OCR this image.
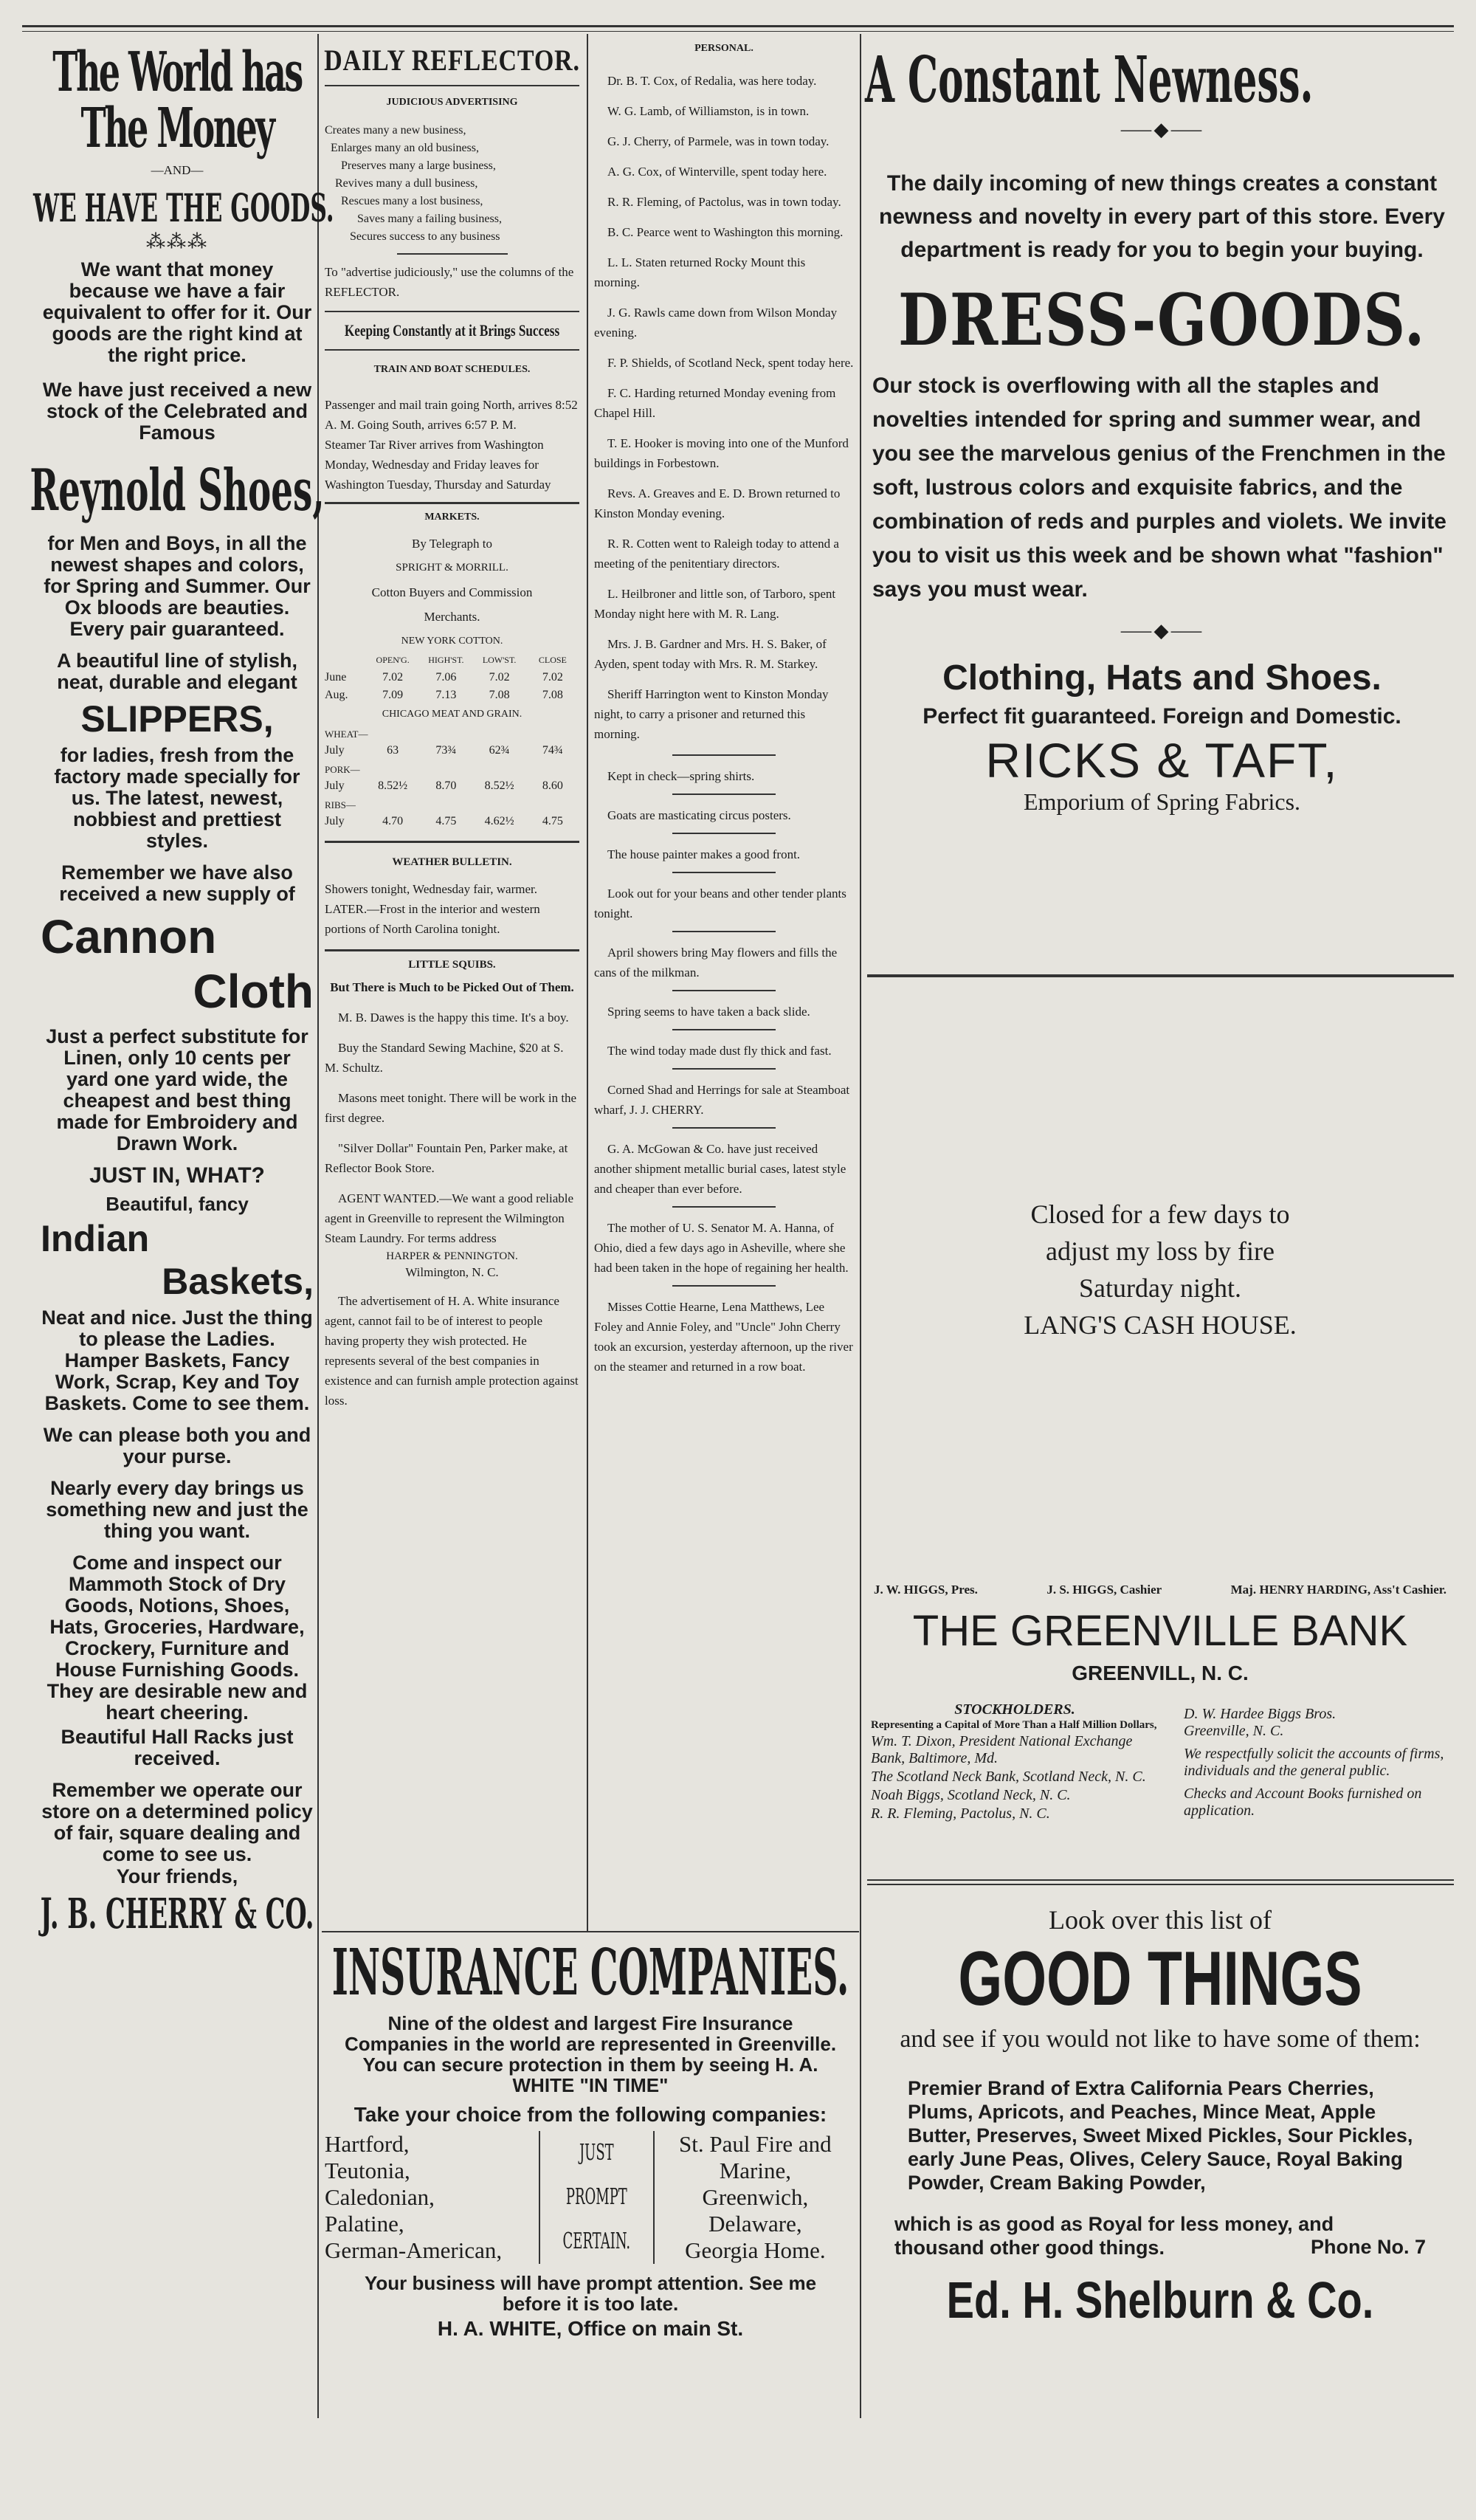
The World has
The Money
—AND—
WE HAVE THE GOODS.
⁂⁂⁂

We want that money because we have a fair equivalent to offer for it. Our goods are the right kind at the right price.

We have just received a new stock of the Celebrated and Famous

Reynold Shoes,

for Men and Boys, in all the newest shapes and colors, for Spring and Summer. Our Ox bloods are beauties. Every pair guaranteed.

A beautiful line of stylish, neat, durable and elegant

SLIPPERS,

for ladies, fresh from the factory made specially for us. The latest, newest, nobbiest and prettiest styles.

Remember we have also received a new supply of

Cannon
Cloth

Just a perfect substitute for Linen, only 10 cents per yard one yard wide, the cheapest and best thing made for Embroidery and Drawn Work.

JUST IN, WHAT?
Beautiful, fancy
Indian
Baskets,

Neat and nice. Just the thing to please the Ladies.

Hamper Baskets, Fancy Work, Scrap, Key and Toy Baskets. Come to see them.

We can please both you and your purse.

Nearly every day brings us something new and just the thing you want.

Come and inspect our Mammoth Stock of Dry Goods, Notions, Shoes, Hats, Groceries, Hardware, Crockery, Furniture and House Furnishing Goods. They are desirable new and heart cheering.

Beautiful Hall Racks just received.

Remember we operate our store on a determined policy of fair, square dealing and come to see us.

Your friends,
J. B. CHERRY & CO.
DAILY REFLECTOR.
JUDICIOUS ADVERTISING

Creates many a new business,

Enlarges many an old business,

Preserves many a large business,

Revives many a dull business,

Rescues many a lost business,

Saves many a failing business,

Secures success to any business

To "advertise judiciously," use the columns of the REFLECTOR.

Keeping Constantly at it Brings Success
TRAIN AND BOAT SCHEDULES.

Passenger and mail train going North, arrives 8:52 A. M. Going South, arrives 6:57 P. M.

Steamer Tar River arrives from Washington Monday, Wednesday and Friday leaves for Washington Tuesday, Thursday and Saturday

MARKETS.

By Telegraph to

SPRIGHT & MORRILL.

Cotton Buyers and Commission

Merchants.

NEW YORK COTTON.

OPEN'G.	HIGH'ST.	LOW'ST.	CLOSE
June	7.02	7.06	7.02	7.02
Aug.	7.09	7.13	7.08	7.08

CHICAGO MEAT AND GRAIN.

WHEAT—
July	63	73¾	62¾	74¾
PORK—
July	8.52½	8.70	8.52½	8.60
RIBS—
July	4.70	4.75	4.62½	4.75
WEATHER BULLETIN.

Showers tonight, Wednesday fair, warmer.

LATER.—Frost in the interior and western portions of North Carolina tonight.

LITTLE SQUIBS.

But There is Much to be Picked Out of Them.

M. B. Dawes is the happy this time. It's a boy.

Buy the Standard Sewing Machine, $20 at S. M. Schultz.

Masons meet tonight. There will be work in the first degree.

"Silver Dollar" Fountain Pen, Parker make, at Reflector Book Store.

AGENT WANTED.—We want a good reliable agent in Greenville to represent the Wilmington Steam Laundry. For terms address

HARPER & PENNINGTON.

Wilmington, N. C.

The advertisement of H. A. White insurance agent, cannot fail to be of interest to people having property they wish protected. He represents several of the best companies in existence and can furnish ample protection against loss.

PERSONAL.

Dr. B. T. Cox, of Redalia, was here today.

W. G. Lamb, of Williamston, is in town.

G. J. Cherry, of Parmele, was in town today.

A. G. Cox, of Winterville, spent today here.

R. R. Fleming, of Pactolus, was in town today.

B. C. Pearce went to Washington this morning.

L. L. Staten returned Rocky Mount this morning.

J. G. Rawls came down from Wilson Monday evening.

F. P. Shields, of Scotland Neck, spent today here.

F. C. Harding returned Monday evening from Chapel Hill.

T. E. Hooker is moving into one of the Munford buildings in Forbestown.

Revs. A. Greaves and E. D. Brown returned to Kinston Monday evening.

R. R. Cotten went to Raleigh today to attend a meeting of the penitentiary directors.

L. Heilbroner and little son, of Tarboro, spent Monday night here with M. R. Lang.

Mrs. J. B. Gardner and Mrs. H. S. Baker, of Ayden, spent today with Mrs. R. M. Starkey.

Sheriff Harrington went to Kinston Monday night, to carry a prisoner and returned this morning.

Kept in check—spring shirts.

Goats are masticating circus posters.

The house painter makes a good front.

Look out for your beans and other tender plants tonight.

April showers bring May flowers and fills the cans of the milkman.

Spring seems to have taken a back slide.

The wind today made dust fly thick and fast.

Corned Shad and Herrings for sale at Steamboat wharf, J. J. CHERRY.

G. A. McGowan & Co. have just received another shipment metallic burial cases, latest style and cheaper than ever before.

The mother of U. S. Senator M. A. Hanna, of Ohio, died a few days ago in Asheville, where she had been taken in the hope of regaining her health.

Misses Cottie Hearne, Lena Matthews, Lee Foley and Annie Foley, and "Uncle" John Cherry took an excursion, yesterday afternoon, up the river on the steamer and returned in a row boat.

INSURANCE COMPANIES.

Nine of the oldest and largest Fire Insurance Companies in the world are represented in Greenville. You can secure protection in them by seeing H. A. WHITE "IN TIME"

Take your choice from the following companies:

Hartford,
Teutonia,
Caledonian,
Palatine,
German-American,
JUST
PROMPT
CERTAIN.
St. Paul Fire and
Marine,
Greenwich,
Delaware,
Georgia Home.

Your business will have prompt attention. See me before it is too late.

H. A. WHITE, Office on main St.

A Constant Newness.
⸺◆⸺

The daily incoming of new things creates a constant newness and novelty in every part of this store. Every department is ready for you to begin your buying.

DRESS-GOODS.

Our stock is overflowing with all the staples and novelties intended for spring and summer wear, and you see the marvelous genius of the Frenchmen in the soft, lustrous colors and exquisite fabrics, and the combination of reds and purples and violets. We invite you to visit us this week and be shown what "fashion" says you must wear.

⸺◆⸺
Clothing, Hats and Shoes.
Perfect fit guaranteed. Foreign and Domestic.
RICKS & TAFT,
Emporium of Spring Fabrics.
Closed for a few days to
adjust my loss by fire
Saturday night.
LANG'S CASH HOUSE.
J. W. HIGGS, Pres.	J. S. HIGGS, Cashier	Maj. HENRY HARDING, Ass't Cashier.
THE GREENVILLE BANK
GREENVILL, N. C.
STOCKHOLDERS.
Representing a Capital of More Than a Half Million Dollars,
Wm. T. Dixon, President National Exchange Bank, Baltimore, Md.
The Scotland Neck Bank, Scotland Neck, N. C.
Noah Biggs, Scotland Neck, N. C.
R. R. Fleming, Pactolus, N. C.
D. W. Hardee Biggs Bros.
Greenville, N. C.
We respectfully solicit the accounts of firms, individuals and the general public.
Checks and Account Books furnished on application.
Look over this list of
GOOD THINGS

and see if you would not like to have some of them:

Premier Brand of Extra California Pears Cherries, Plums, Apricots, and Peaches, Mince Meat, Apple Butter, Preserves, Sweet Mixed Pickles, Sour Pickles, early June Peas, Olives, Celery Sauce, Royal Baking Powder, Cream Baking Powder,

which is as good as Royal for less money, and thousand other good things.	Phone No. 7
Ed. H. Shelburn & Co.
